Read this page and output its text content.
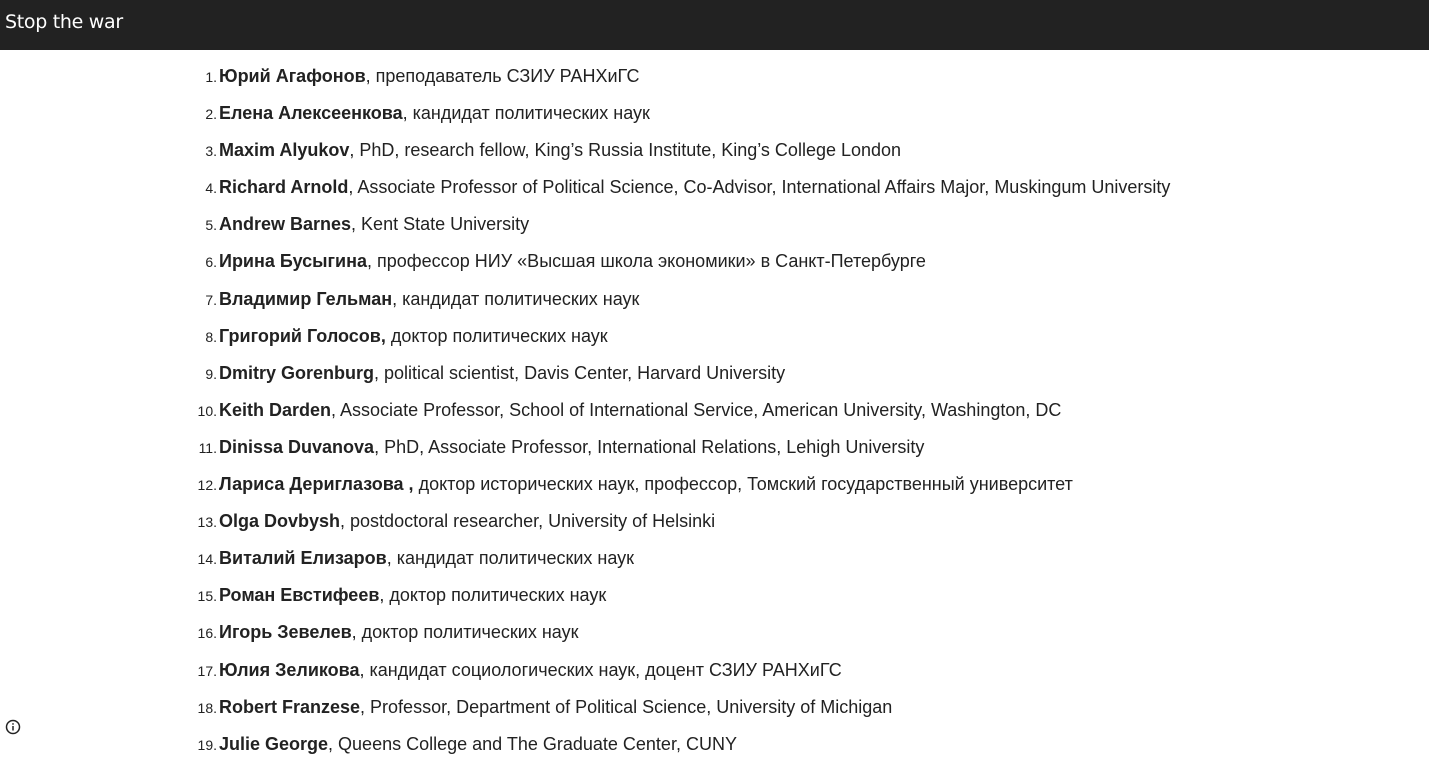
Stop the war
1. Юрий Агафонов, преподаватель СЗИУ РАНХиГС
2. Елена Алексеенкова, кандидат политических наук
3. Maxim Alyukov, PhD, research fellow, King’s Russia Institute, King’s College London
4. Richard Arnold, Associate Professor of Political Science, Co-Advisor, International Affairs Major, Muskingum University
5. Andrew Barnes, Kent State University
6. Ирина Бусыгина, профессор НИУ «Высшая школа экономики» в Санкт-Петербурге
7. Владимир Гельман, кандидат политических наук
8. Григорий Голосов, доктор политических наук
9. Dmitry Gorenburg, political scientist, Davis Center, Harvard University
10. Keith Darden, Associate Professor, School of International Service, American University, Washington, DC
11. Dinissa Duvanova, PhD, Associate Professor, International Relations, Lehigh University
12. Лариса Дериглазова , доктор исторических наук, профессор, Томский государственный университет
13. Olga Dovbysh, postdoctoral researcher, University of Helsinki
14. Виталий Елизаров, кандидат политических наук
15. Роман Евстифеев, доктор политических наук
16. Игорь Зевелев, доктор политических наук
17. Юлия Зеликова, кандидат социологических наук, доцент СЗИУ РАНХиГС
18. Robert Franzese, Professor, Department of Political Science, University of Michigan
19. Julie George, Queens College and The Graduate Center, CUNY
